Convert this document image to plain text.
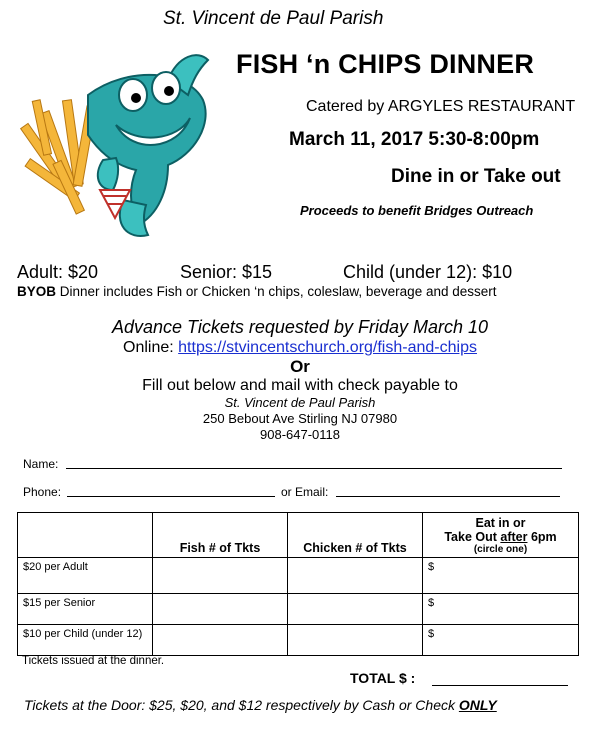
St. Vincent de Paul Parish
FISH ‘n CHIPS DINNER
Catered by ARGYLES RESTAURANT
March 11, 2017 5:30-8:00pm
Dine in or Take out
Proceeds to benefit Bridges Outreach
Adult: $20	Senior: $15	Child (under 12): $10
BYOB Dinner includes Fish or Chicken ‘n chips, coleslaw, beverage and dessert
Advance Tickets requested by Friday March 10
Online: https://stvincentschurch.org/fish-and-chips
Or
Fill out below and mail with check payable to
St. Vincent de Paul Parish
250 Bebout Ave Stirling NJ 07980
908-647-0118
Name:
Phone:	or Email:
	Fish # of Tkts	Chicken # of Tkts	Eat in or
Take Out after 6pm
(circle one)

$20 per Adult			$
$15 per Senior			$
$10 per Child (under 12)			$
Tickets issued at the dinner.
TOTAL $ :
Tickets at the Door: $25, $20, and $12 respectively by Cash or Check ONLY
